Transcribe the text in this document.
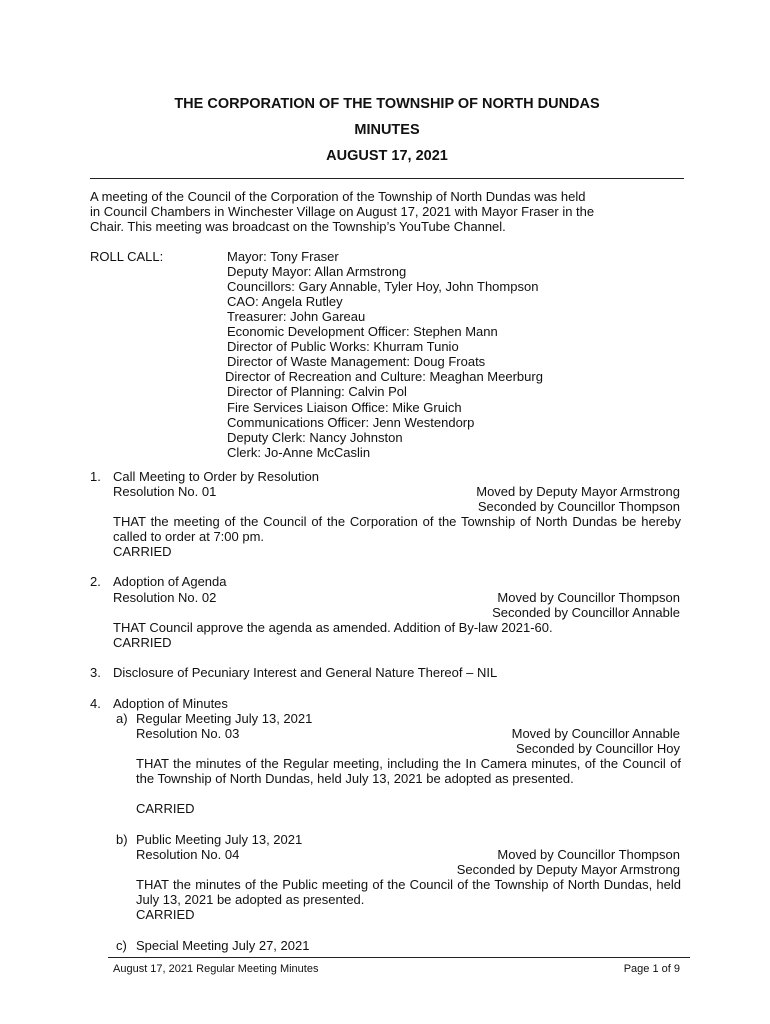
THE CORPORATION OF THE TOWNSHIP OF NORTH DUNDAS
MINUTES
AUGUST 17, 2021
A meeting of the Council of the Corporation of the Township of North Dundas was held
in Council Chambers in Winchester Village on August 17, 2021 with Mayor Fraser in the
Chair. This meeting was broadcast on the Township’s YouTube Channel.
ROLL CALL:	Mayor: Tony Fraser
Deputy Mayor: Allan Armstrong
Councillors: Gary Annable, Tyler Hoy, John Thompson
CAO: Angela Rutley
Treasurer: John Gareau
Economic Development Officer: Stephen Mann
Director of Public Works: Khurram Tunio
Director of Waste Management: Doug Froats
Director of Recreation and Culture: Meaghan Meerburg
Director of Planning: Calvin Pol
Fire Services Liaison Office: Mike Gruich
Communications Officer: Jenn Westendorp
Deputy Clerk: Nancy Johnston
Clerk: Jo-Anne McCaslin
1. Call Meeting to Order by Resolution
Resolution No. 01	Moved by Deputy Mayor Armstrong
Seconded by Councillor Thompson
THAT the meeting of the Council of the Corporation of the Township of North Dundas be hereby called to order at 7:00 pm.
CARRIED
2. Adoption of Agenda
Resolution No. 02	Moved by Councillor Thompson
Seconded by Councillor Annable
THAT Council approve the agenda as amended. Addition of By-law 2021-60.
CARRIED
3. Disclosure of Pecuniary Interest and General Nature Thereof – NIL
4. Adoption of Minutes
a) Regular Meeting July 13, 2021
Resolution No. 03	Moved by Councillor Annable
Seconded by Councillor Hoy
THAT the minutes of the Regular meeting, including the In Camera minutes, of the Council of the Township of North Dundas, held July 13, 2021 be adopted as presented.
CARRIED
b) Public Meeting July 13, 2021
Resolution No. 04	Moved by Councillor Thompson
Seconded by Deputy Mayor Armstrong
THAT the minutes of the Public meeting of the Council of the Township of North Dundas, held July 13, 2021 be adopted as presented.
CARRIED
c) Special Meeting July 27, 2021
August 17, 2021 Regular Meeting Minutes	Page 1 of 9
